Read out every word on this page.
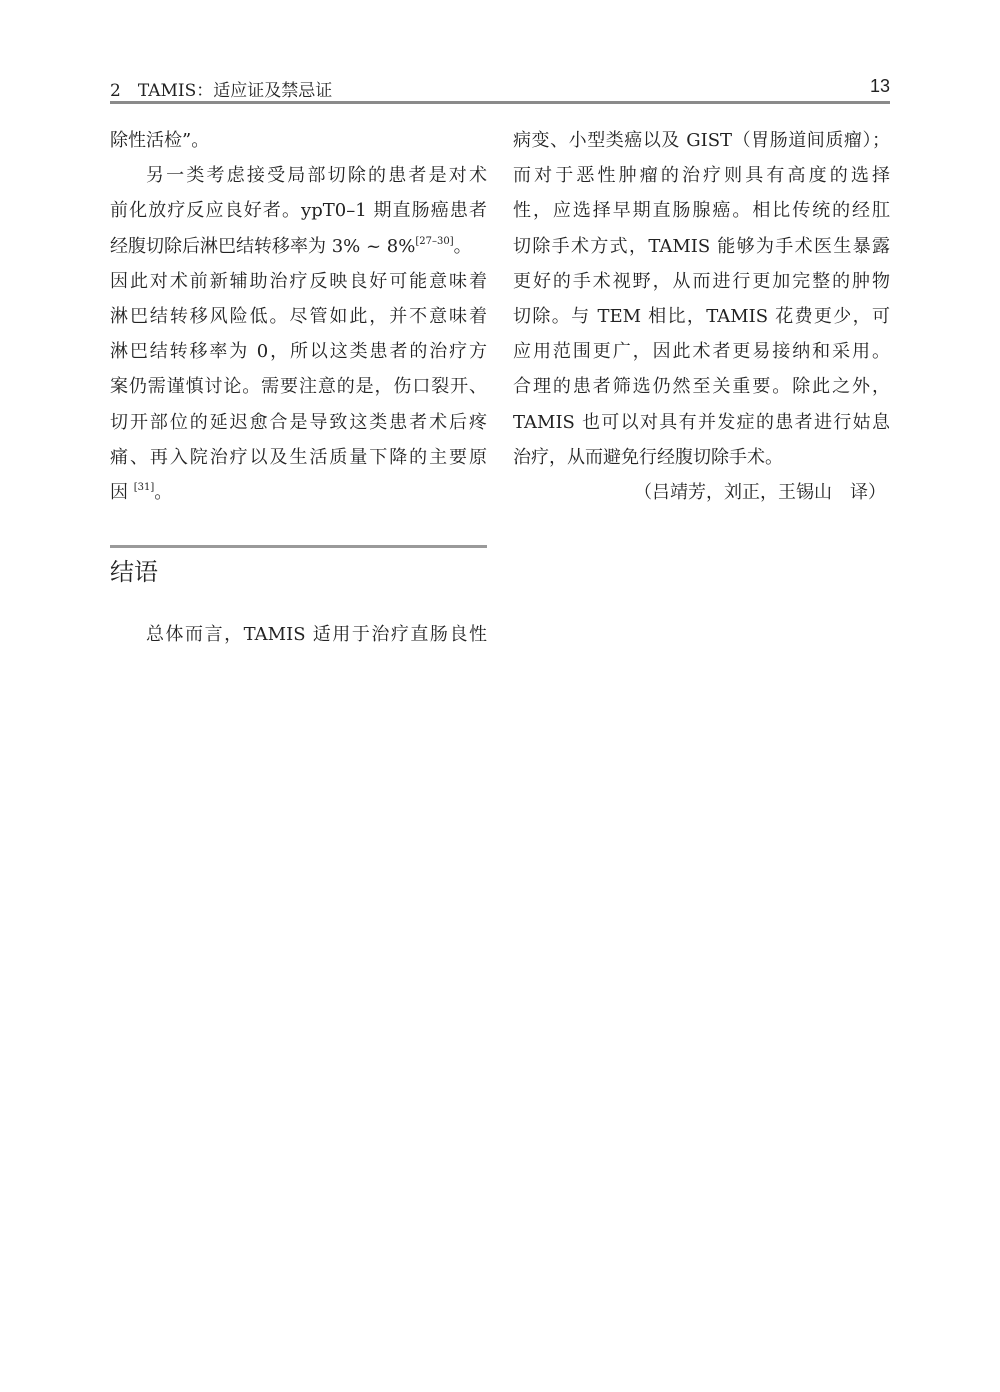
2　TAMIS：适应证及禁忌证	13
除性活检”。
另一类考虑接受局部切除的患者是对术
前化放疗反应良好者。ypT0–1 期直肠癌患者
经腹切除后淋巴结转移率为 3% ~ 8%[27–30]。
因此对术前新辅助治疗反映良好可能意味着
淋巴结转移风险低。尽管如此，并不意味着
淋巴结转移率为 0，所以这类患者的治疗方
案仍需谨慎讨论。需要注意的是，伤口裂开、
切开部位的延迟愈合是导致这类患者术后疼
痛、再入院治疗以及生活质量下降的主要原
因 [31]。
结语
总体而言，TAMIS 适用于治疗直肠良性
病变、小型类癌以及 GIST（胃肠道间质瘤）；
而对于恶性肿瘤的治疗则具有高度的选择
性，应选择早期直肠腺癌。相比传统的经肛
切除手术方式，TAMIS 能够为手术医生暴露
更好的手术视野，从而进行更加完整的肿物
切除。与 TEM 相比，TAMIS 花费更少，可
应用范围更广，因此术者更易接纳和采用。
合理的患者筛选仍然至关重要。除此之外，
TAMIS 也可以对具有并发症的患者进行姑息
治疗，从而避免行经腹切除手术。
（吕靖芳，刘正，王锡山　译）
